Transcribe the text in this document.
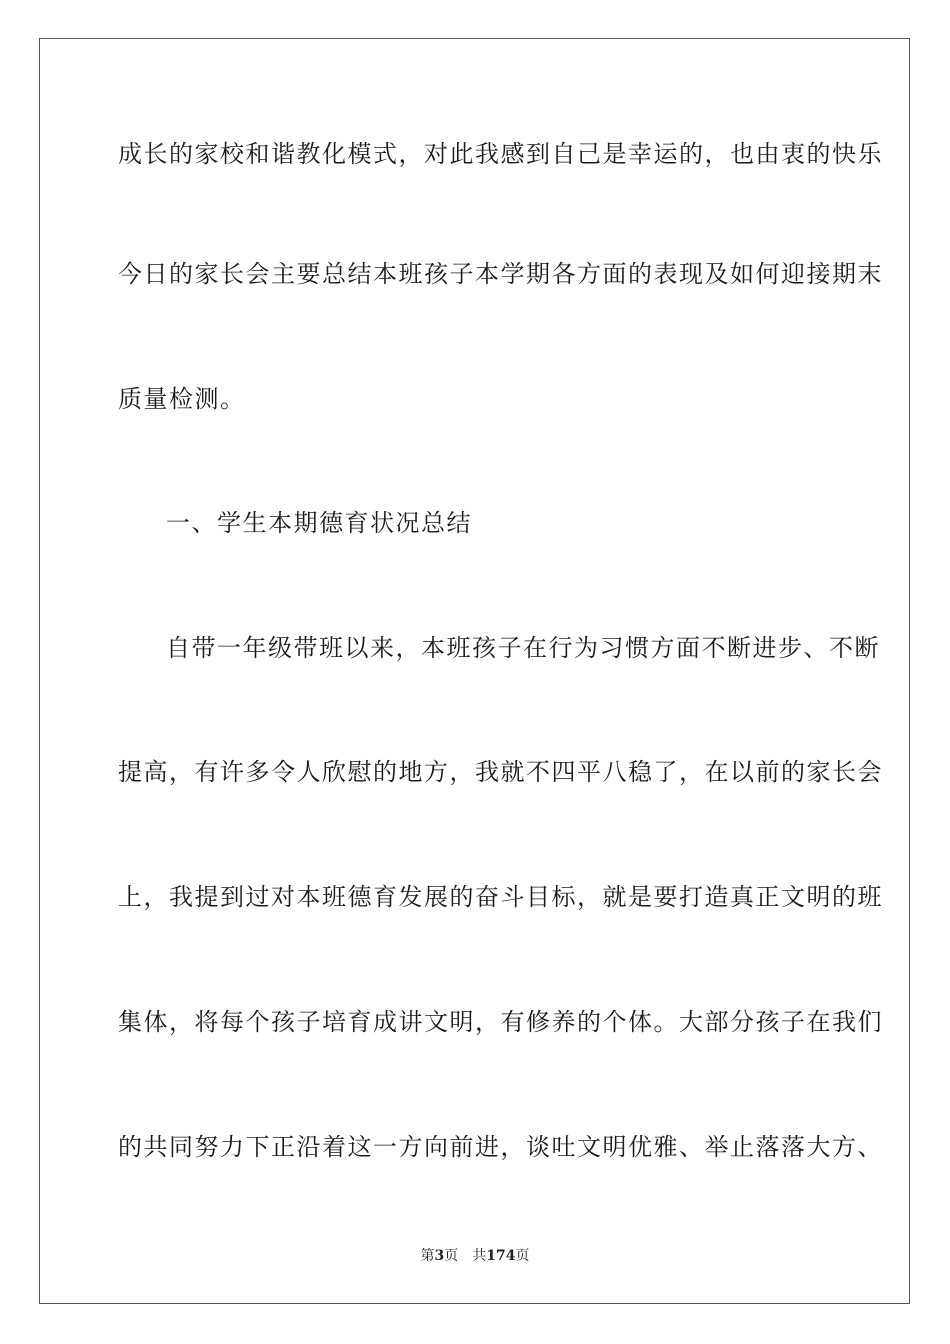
成长的家校和谐教化模式，对此我感到自己是幸运的，也由衷的快乐
今日的家长会主要总结本班孩子本学期各方面的表现及如何迎接期末
质量检测。
一、学生本期德育状况总结
自带一年级带班以来，本班孩子在行为习惯方面不断进步、不断
提高，有许多令人欣慰的地方，我就不四平八稳了，在以前的家长会
上，我提到过对本班德育发展的奋斗目标，就是要打造真正文明的班
集体，将每个孩子培育成讲文明，有修养的个体。大部分孩子在我们
的共同努力下正沿着这一方向前进，谈吐文明优雅、举止落落大方、
第3页 共174页
